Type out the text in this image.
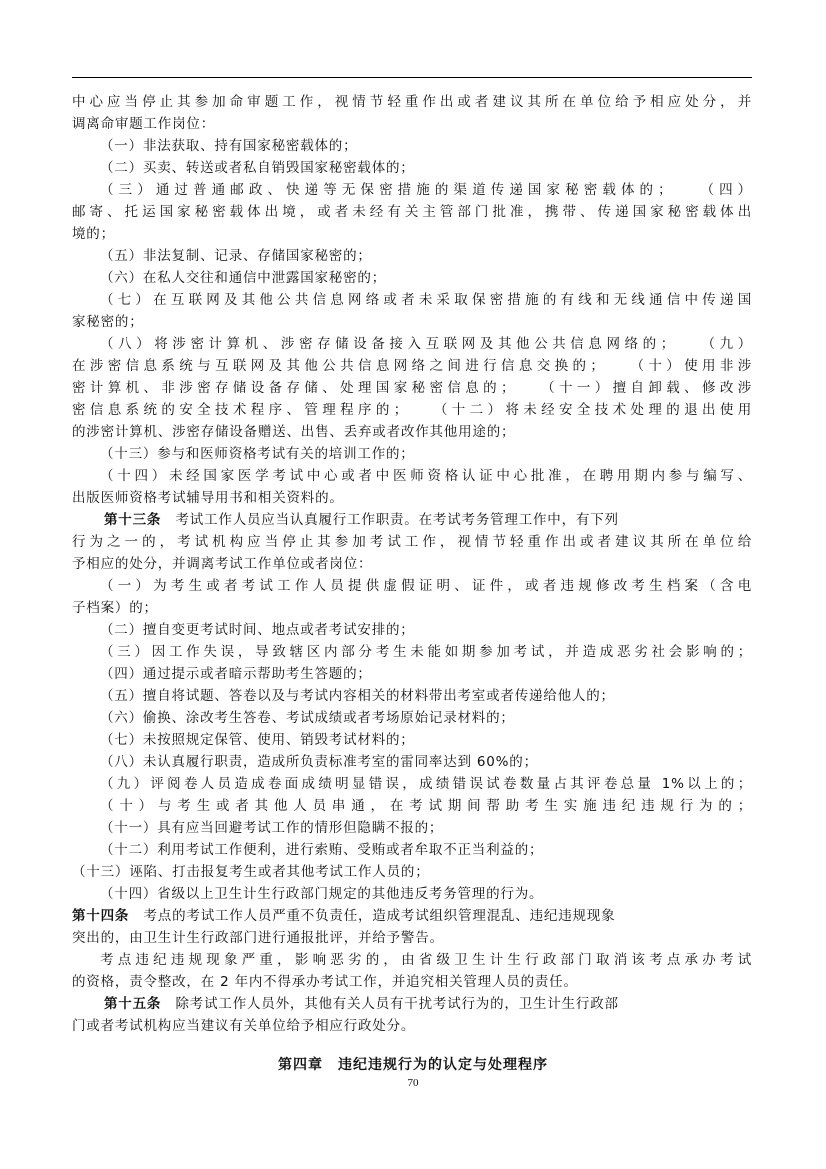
中心应当停止其参加命审题工作，视情节轻重作出或者建议其所在单位给予相应处分，并
调离命审题工作岗位：
（一）非法获取、持有国家秘密载体的；
（二）买卖、转送或者私自销毁国家秘密载体的；
（三）通过普通邮政、快递等无保密措施的渠道传递国家秘密载体的；　　（四）
邮寄、托运国家秘密载体出境，或者未经有关主管部门批准，携带、传递国家秘密载体出
境的；
（五）非法复制、记录、存储国家秘密的；
（六）在私人交往和通信中泄露国家秘密的；
（七）在互联网及其他公共信息网络或者未采取保密措施的有线和无线通信中传递国
家秘密的；
（八）将涉密计算机、涉密存储设备接入互联网及其他公共信息网络的；　　（九）
在涉密信息系统与互联网及其他公共信息网络之间进行信息交换的；　　（十）使用非涉
密计算机、非涉密存储设备存储、处理国家秘密信息的；　　（十一）擅自卸载、修改涉
密信息系统的安全技术程序、管理程序的；　　（十二）将未经安全技术处理的退出使用
的涉密计算机、涉密存储设备赠送、出售、丢弃或者改作其他用途的；
（十三）参与和医师资格考试有关的培训工作的；
（十四）未经国家医学考试中心或者中医师资格认证中心批准，在聘用期内参与编写、
出版医师资格考试辅导用书和相关资料的。
第十三条　考试工作人员应当认真履行工作职责。在考试考务管理工作中，有下列
行为之一的，考试机构应当停止其参加考试工作，视情节轻重作出或者建议其所在单位给
予相应的处分，并调离考试工作单位或者岗位：
（一）为考生或者考试工作人员提供虚假证明、证件，或者违规修改考生档案（含电
子档案）的；
（二）擅自变更考试时间、地点或者考试安排的；
（三）因工作失误，导致辖区内部分考生未能如期参加考试，并造成恶劣社会影响的；
（四）通过提示或者暗示帮助考生答题的；
（五）擅自将试题、答卷以及与考试内容相关的材料带出考室或者传递给他人的；
（六）偷换、涂改考生答卷、考试成绩或者考场原始记录材料的；
（七）未按照规定保管、使用、销毁考试材料的；
（八）未认真履行职责，造成所负责标准考室的雷同率达到 60%的；
（九）评阅卷人员造成卷面成绩明显错误，成绩错误试卷数量占其评卷总量 1%以上的；
（十）与考生或者其他人员串通，在考试期间帮助考生实施违纪违规行为的；
（十一）具有应当回避考试工作的情形但隐瞒不报的；
（十二）利用考试工作便利，进行索贿、受贿或者牟取不正当利益的；
（十三）诬陷、打击报复考生或者其他考试工作人员的；
（十四）省级以上卫生计生行政部门规定的其他违反考务管理的行为。
第十四条　考点的考试工作人员严重不负责任，造成考试组织管理混乱、违纪违规现象
突出的，由卫生计生行政部门进行通报批评，并给予警告。
考点违纪违规现象严重，影响恶劣的，由省级卫生计生行政部门取消该考点承办考试
的资格，责令整改，在 2 年内不得承办考试工作，并追究相关管理人员的责任。
第十五条　除考试工作人员外，其他有关人员有干扰考试行为的，卫生计生行政部
门或者考试机构应当建议有关单位给予相应行政处分。
第四章　违纪违规行为的认定与处理程序
70
